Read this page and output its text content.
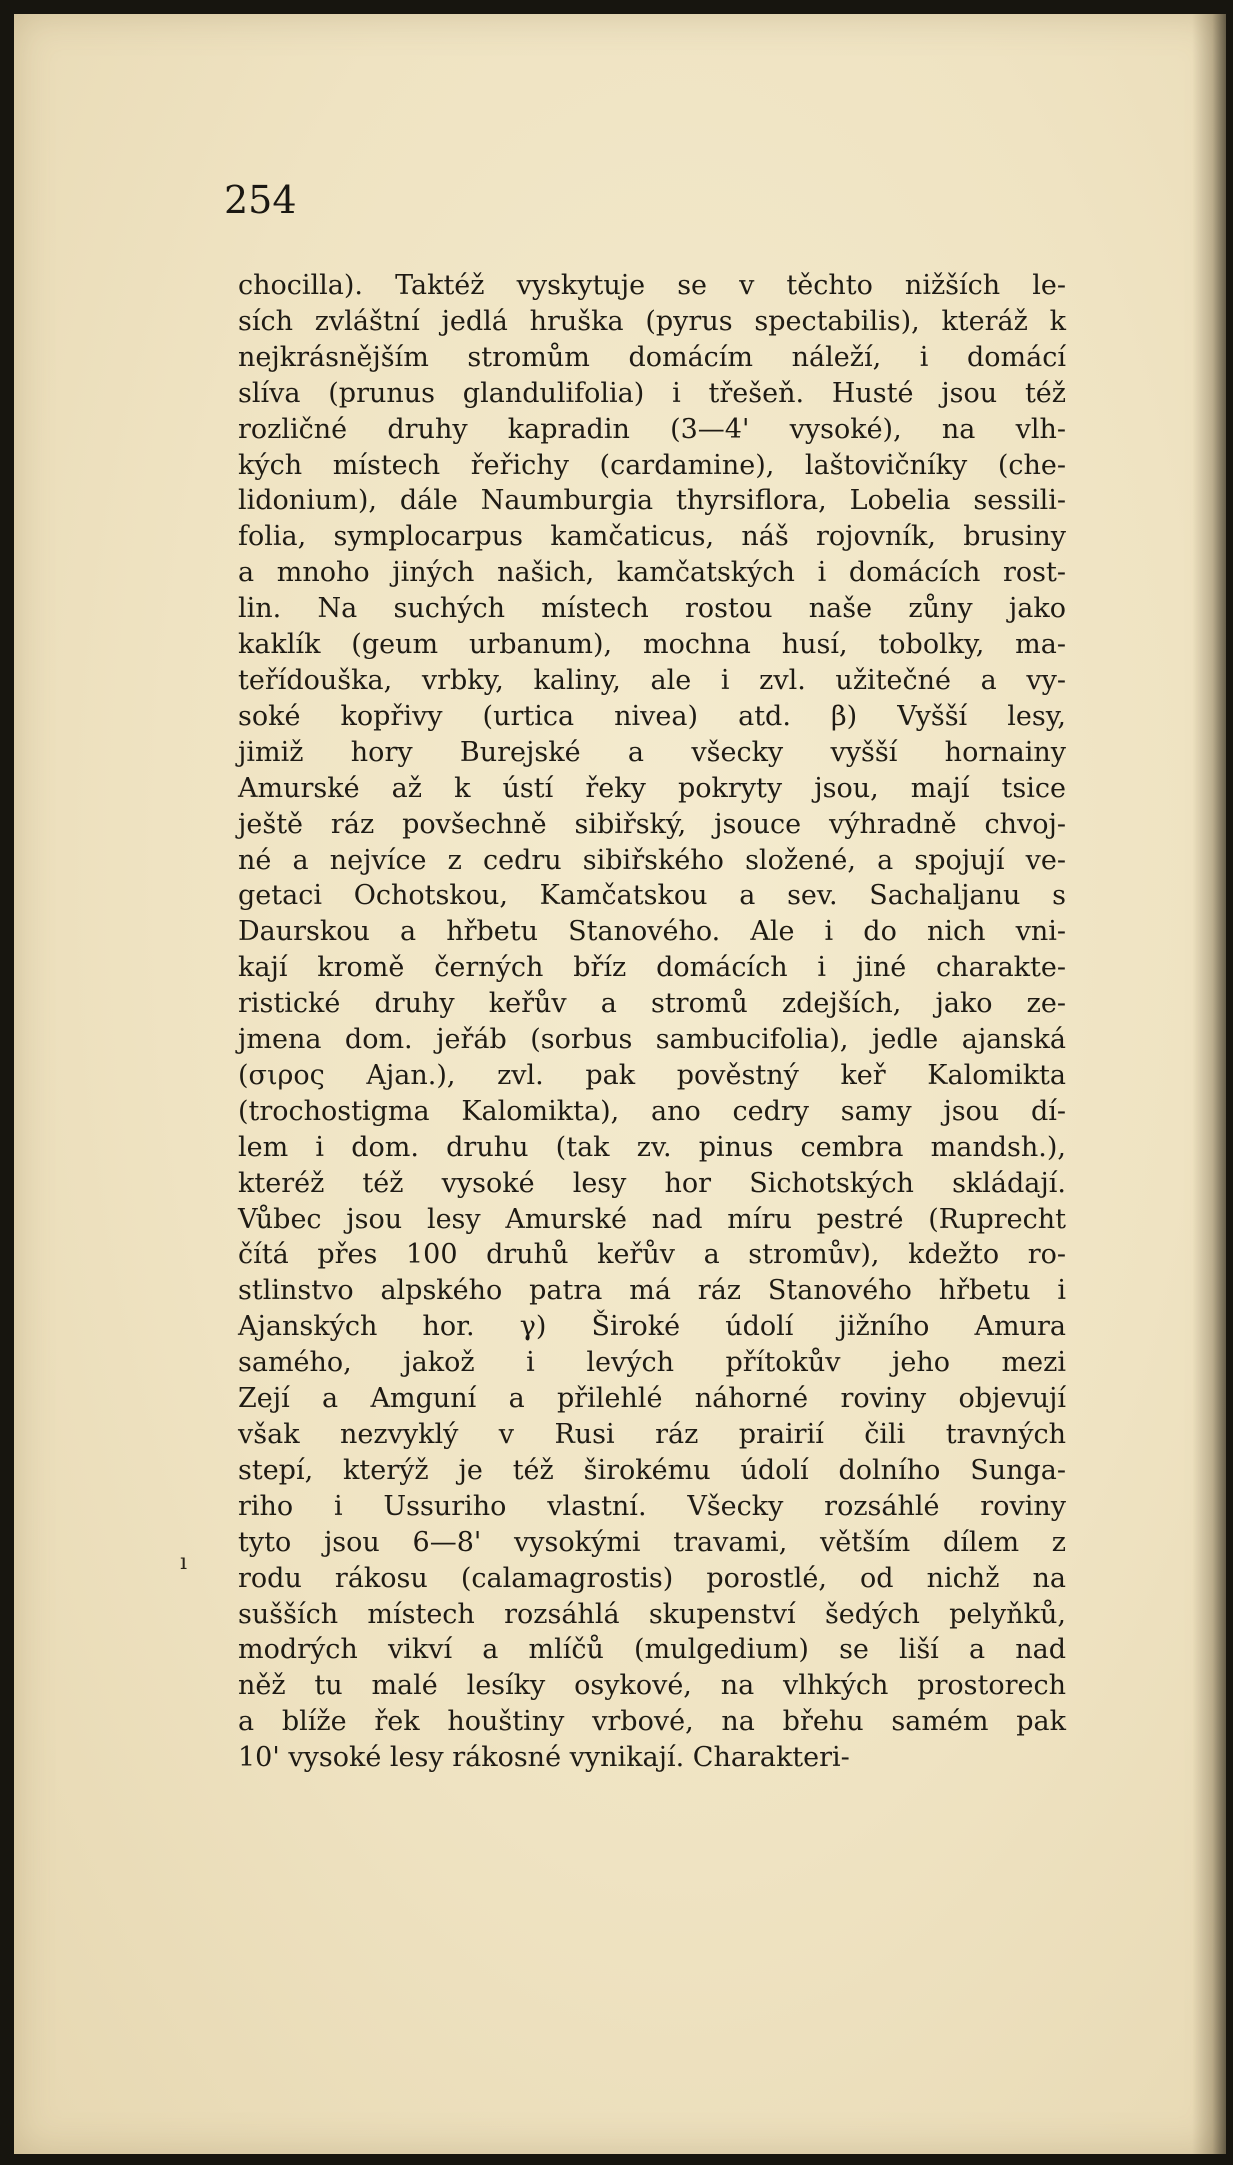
254

ı
chocilla). Taktéž vyskytuje se v těchto nižších le-
sích zvláštní jedlá hruška (pyrus spectabilis), kteráž k
nejkrásnějším stromům domácím náleží, i domácí
slíva (prunus glandulifolia) i třešeň. Husté jsou též
rozličné druhy kapradin (3—4' vysoké), na vlh-
kých místech řeřichy (cardamine), laštovičníky (che-
lidonium), dále Naumburgia thyrsiflora, Lobelia sessili-
folia, symplocarpus kamčaticus, náš rojovník, brusiny
a mnoho jiných našich, kamčatských i domácích rost-
lin. Na suchých místech rostou naše zůny jako
kaklík (geum urbanum), mochna husí, tobolky, ma-
teřídouška, vrbky, kaliny, ale i zvl. užitečné a vy-
soké kopřivy (urtica nivea) atd. β) Vyšší lesy,
jimiž hory Burejské a všecky vyšší hornainy
Amurské až k ústí řeky pokryty jsou, mají tsice
ještě ráz povšechně sibiřský, jsouce výhradně chvoj-
né a nejvíce z cedru sibiřského složené, a spojují ve-
getaci Ochotskou, Kamčatskou a sev. Sachaljanu s
Daurskou a hřbetu Stanového. Ale i do nich vni-
kají kromě černých bříz domácích i jiné charakte-
ristické druhy keřův a stromů zdejších, jako ze-
jmena dom. jeřáb (sorbus sambucifolia), jedle ajanská
(σιρος Ajan.), zvl. pak pověstný keř Kalomikta
(trochostigma Kalomikta), ano cedry samy jsou dí-
lem i dom. druhu (tak zv. pinus cembra mandsh.),
kteréž též vysoké lesy hor Sichotských skládají.
Vůbec jsou lesy Amurské nad míru pestré (Ruprecht
čítá přes 100 druhů keřův a stromův), kdežto ro-
stlinstvo alpského patra má ráz Stanového hřbetu i
Ajanských hor. γ) Široké údolí jižního Amura
samého, jakož i levých přítokův jeho mezi
Zejí a Amguní a přilehlé náhorné roviny objevují
však nezvyklý v Rusi ráz prairií čili travných
stepí, kterýž je též širokému údolí dolního Sunga-
riho i Ussuriho vlastní. Všecky rozsáhlé roviny
tyto jsou 6—8' vysokými travami, větším dílem z
rodu rákosu (calamagrostis) porostlé, od nichž na
sušších místech rozsáhlá skupenství šedých pelyňků,
modrých vikví a mlíčů (mulgedium) se liší a nad
něž tu malé lesíky osykové, na vlhkých prostorech
a blíže řek houštiny vrbové, na břehu samém pak
10' vysoké lesy rákosné vynikají. Charakteri-
